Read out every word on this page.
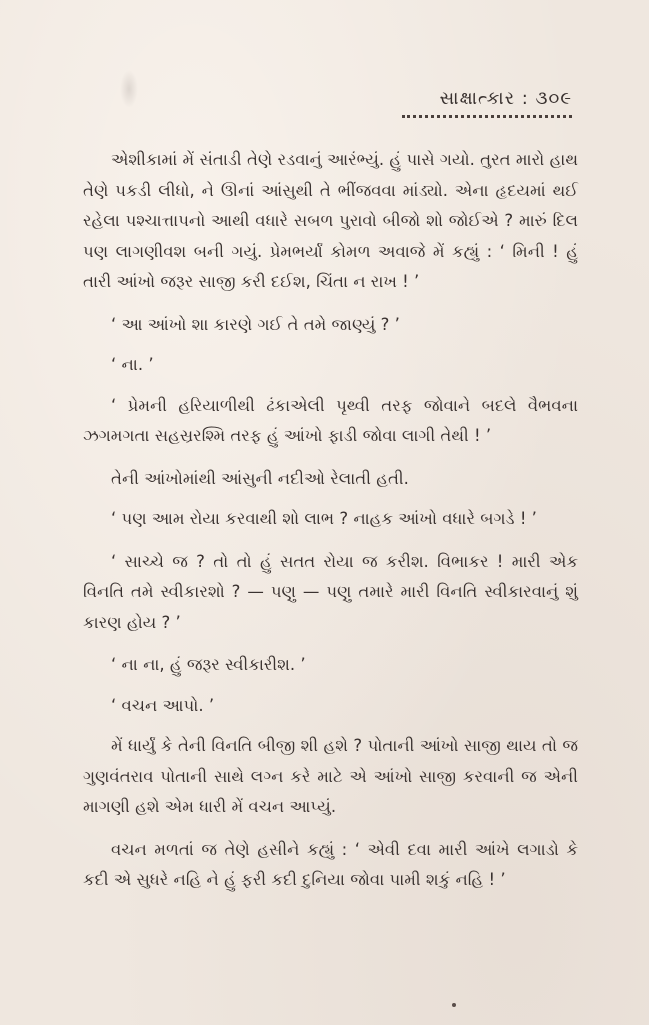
સાક્ષાત્કાર : ૩૦૯

એશીકામાં મેં સંતાડી તેણે રડવાનું આરંભ્યું. હું પાસે ગયો. તુરત મારો હાથ તેણે પકડી લીધો, ને ઊનાં આંસુથી તે ભીંજવવા માંડ્યો. એના હૃદયમાં થઈ રહેલા પશ્ચાત્તાપનો આથી વધારે સબળ પુરાવો બીજો શો જોઈએ ? મારું દિલ પણ લાગણીવશ બની ગયું. પ્રેમભર્યાં કોમળ અવાજે મેં કહ્યું : ‘ મિની ! હું તારી આંખો જરૂર સાજી કરી દઈશ, ચિંતા ન રાખ ! ’

‘ આ આંખો શા કારણે ગઈ તે તમે જાણ્યું ? ’

‘ ના. ’

‘ પ્રેમની હરિયાળીથી ઢંકાએલી પૃથ્વી તરફ જોવાને બદલે વૈભવના ઝગમગતા સહસ્રરશ્મિ તરફ હું આંખો ફાડી જોવા લાગી તેથી ! ’

તેની આંખોમાંથી આંસુની નદીઓ રેલાતી હતી.

‘ પણ આમ રોયા કરવાથી શો લાભ ? નાહક આંખો વધારે બગડે ! ’

‘ સાચ્ચે જ ? તો તો હું સતત રોયા જ કરીશ. વિભાકર ! મારી એક વિનતિ તમે સ્વીકારશો ? — પણુ — પણુ તમારે મારી વિનતિ સ્વીકારવાનું શું કારણ હોય ? ’

‘ ના ના, હું જરૂર સ્વીકારીશ. ’

‘ વચન આપો. ’

મેં ધાર્યું કે તેની વિનતિ બીજી શી હશે ? પોતાની આંખો સાજી થાય તો જ ગુણવંતરાવ પોતાની સાથે લગ્ન કરે માટે એ આંખો સાજી કરવાની જ એની માગણી હશે એમ ધારી મેં વચન આપ્યું.

વચન મળતાં જ તેણે હસીને કહ્યું : ‘ એવી દવા મારી આંખે લગાડો કે કદી એ સુધરે નહિ ને હું ફરી કદી દુનિયા જોવા પામી શકું નહિ ! ’
